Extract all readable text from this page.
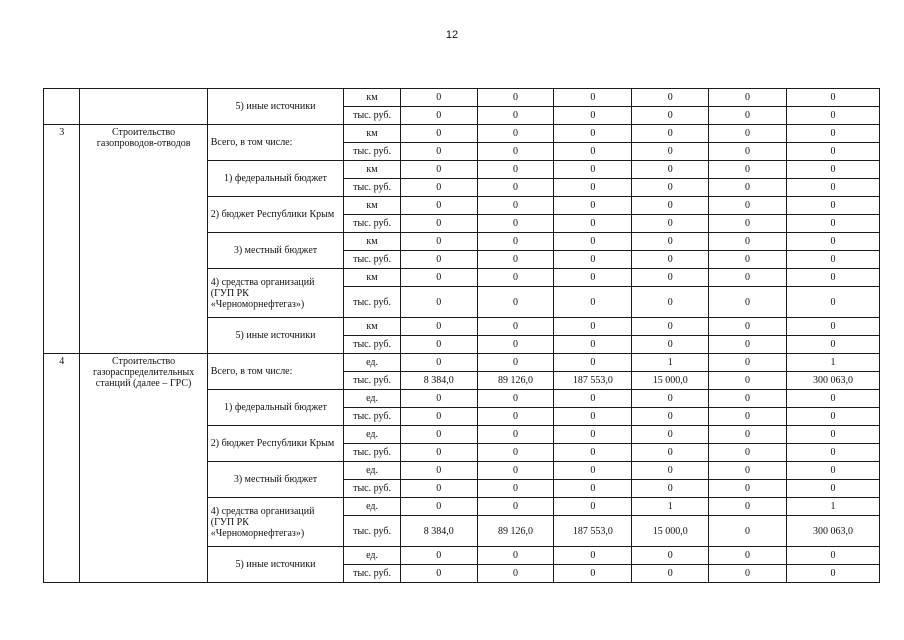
12
		5) иные источники	км	0	0	0	0	0	0
			тыс. руб.	0	0	0	0	0	0
3	Строительство газопроводов-отводов	Всего, в том числе:	км	0	0	0	0	0	0
			тыс. руб.	0	0	0	0	0	0
		1) федеральный бюджет	км	0	0	0	0	0	0
			тыс. руб.	0	0	0	0	0	0
		2) бюджет Республики Крым	км	0	0	0	0	0	0
			тыс. руб.	0	0	0	0	0	0
		3) местный бюджет	км	0	0	0	0	0	0
			тыс. руб.	0	0	0	0	0	0
		4) средства организаций (ГУП РК «Черноморнефтегаз»)	км	0	0	0	0	0	0
			тыс. руб.	0	0	0	0	0	0
		5) иные источники	км	0	0	0	0	0	0
			тыс. руб.	0	0	0	0	0	0
4	Строительство газораспределительных станций (далее – ГРС)	Всего, в том числе:	ед.	0	0	0	1	0	1
			тыс. руб.	8 384,0	89 126,0	187 553,0	15 000,0	0	300 063,0
		1) федеральный бюджет	ед.	0	0	0	0	0	0
			тыс. руб.	0	0	0	0	0	0
		2) бюджет Республики Крым	ед.	0	0	0	0	0	0
			тыс. руб.	0	0	0	0	0	0
		3) местный бюджет	ед.	0	0	0	0	0	0
			тыс. руб.	0	0	0	0	0	0
		4) средства организаций (ГУП РК «Черноморнефтегаз»)	ед.	0	0	0	1	0	1
			тыс. руб.	8 384,0	89 126,0	187 553,0	15 000,0	0	300 063,0
		5) иные источники	ед.	0	0	0	0	0	0
			тыс. руб.	0	0	0	0	0	0
